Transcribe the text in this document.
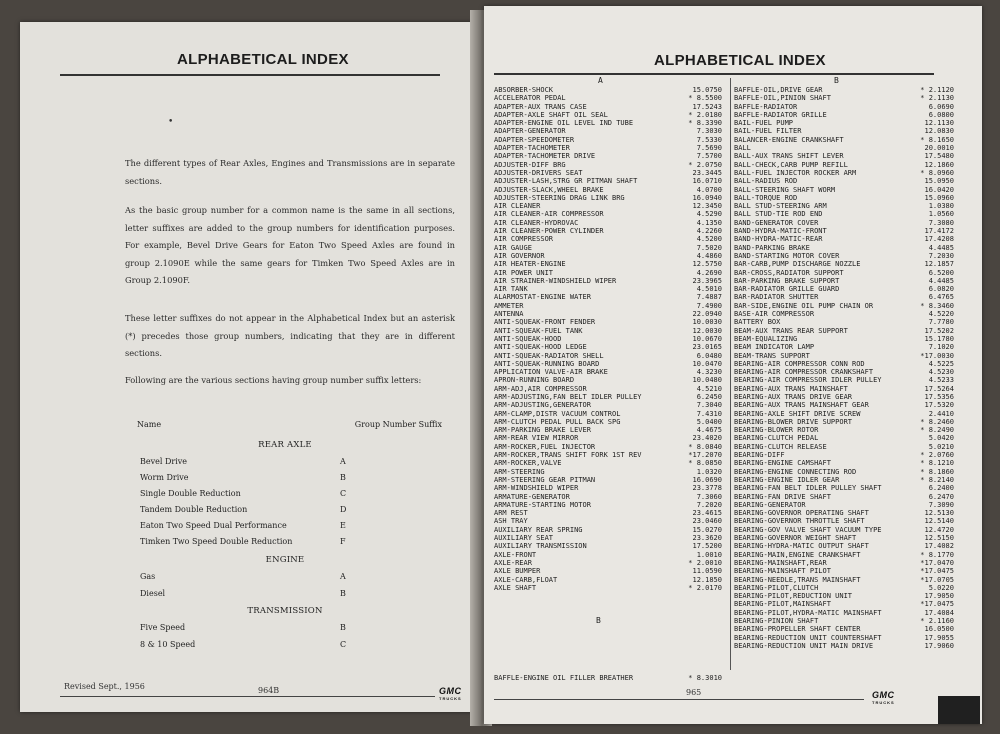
ALPHABETICAL INDEX
•

The different types of Rear Axles, Engines and Transmissions are in separate sections.

As the basic group number for a common name is the same in all sections, letter suffixes are added to the group numbers for identification purposes. For example, Bevel Drive Gears for Eaton Two Speed Axles are found in group 2.1090E while the same gears for Timken Two Speed Axles are in Group 2.1090F.

These letter suffixes do not appear in the Alphabetical Index but an asterisk (*) precedes those group numbers, indicating that they are in different sections.

Following are the various sections having group number suffix letters:

Name	Group Number Suffix
REAR AXLE
Bevel Drive	A
Worm Drive	B
Single Double Reduction	C
Tandem Double Reduction	D
Eaton Two Speed Dual Performance	E
Timken Two Speed Double Reduction	F
ENGINE
Gas	A
Diesel	B
TRANSMISSION
Five Speed	B
8 & 10 Speed	C
Revised Sept., 1956	964B	GMC
TRUCKS
ALPHABETICAL INDEX
A	B
ABSORBER-SHOCK	15.0750
ACCELERATOR PEDAL	* 8.5500
ADAPTER-AUX TRANS CASE	17.5243
ADAPTER-AXLE SHAFT OIL SEAL	* 2.0180
ADAPTER-ENGINE OIL LEVEL IND TUBE	* 8.3390
ADAPTER-GENERATOR	7.3030
ADAPTER-SPEEDOMETER	7.5330
ADAPTER-TACHOMETER	7.5690
ADAPTER-TACHOMETER DRIVE	7.5700
ADJUSTER-DIFF BRG	* 2.0750
ADJUSTER-DRIVERS SEAT	23.3445
ADJUSTER-LASH,STRG GR PITMAN SHAFT	16.0710
ADJUSTER-SLACK,WHEEL BRAKE	4.0700
ADJUSTER-STEERING DRAG LINK BRG	16.0940
AIR CLEANER	12.3450
AIR CLEANER-AIR COMPRESSOR	4.5290
AIR CLEANER-HYDROVAC	4.1350
AIR CLEANER-POWER CYLINDER	4.2260
AIR COMPRESSOR	4.5200
AIR GAUGE	7.5020
AIR GOVERNOR	4.4860
AIR HEATER-ENGINE	12.5750
AIR POWER UNIT	4.2690
AIR STRAINER-WINDSHIELD WIPER	23.3965
AIR TANK	4.5010
ALARMOSTAT-ENGINE WATER	7.4887
AMMETER	7.4900
ANTENNA	22.0940
ANTI-SQUEAK-FRONT FENDER	10.0030
ANTI-SQUEAK-FUEL TANK	12.0030
ANTI-SQUEAK-HOOD	10.0670
ANTI-SQUEAK-HOOD LEDGE	23.0165
ANTI-SQUEAK-RADIATOR SHELL	6.0480
ANTI-SQUEAK-RUNNING BOARD	10.0470
APPLICATION VALVE-AIR BRAKE	4.3230
APRON-RUNNING BOARD	10.0480
ARM-ADJ,AIR COMPRESSOR	4.5210
ARM-ADJUSTING,FAN BELT IDLER PULLEY	6.2450
ARM-ADJUSTING,GENERATOR	7.3040
ARM-CLAMP,DISTR VACUUM CONTROL	7.4310
ARM-CLUTCH PEDAL PULL BACK SPG	5.0400
ARM-PARKING BRAKE LEVER	4.4675
ARM-REAR VIEW MIRROR	23.4020
ARM-ROCKER,FUEL INJECTOR	* 8.0840
ARM-ROCKER,TRANS SHIFT FORK 1ST REV	*17.2070
ARM-ROCKER,VALVE	* 8.0850
ARM-STEERING	1.0320
ARM-STEERING GEAR PITMAN	16.0690
ARM-WINDSHIELD WIPER	23.3778
ARMATURE-GENERATOR	7.3060
ARMATURE-STARTING MOTOR	7.2020
ARM REST	23.4615
ASH TRAY	23.0460
AUXILIARY REAR SPRING	15.0270
AUXILIARY SEAT	23.3620
AUXILIARY TRANSMISSION	17.5200
AXLE-FRONT	1.0010
AXLE-REAR	* 2.0010
AXLE BUMPER	11.0590
AXLE-CARB,FLOAT	12.1850
AXLE SHAFT	* 2.0170
B
BAFFLE-ENGINE OIL FILLER BREATHER	* 8.3010
BAFFLE-OIL,DRIVE GEAR	* 2.1120
BAFFLE-OIL,PINION SHAFT	* 2.1130
BAFFLE-RADIATOR	6.0690
BAFFLE-RADIATOR GRILLE	6.0800
BAIL-FUEL PUMP	12.1130
BAIL-FUEL FILTER	12.0830
BALANCER-ENGINE CRANKSHAFT	* 8.1650
BALL	20.0010
BALL-AUX TRANS SHIFT LEVER	17.5480
BALL-CHECK,CARB PUMP REFILL	12.1860
BALL-FUEL INJECTOR ROCKER ARM	* 8.0960
BALL-RADIUS ROD	15.0950
BALL-STEERING SHAFT WORM	16.0420
BALL-TORQUE ROD	15.0960
BALL STUD-STEERING ARM	1.0380
BALL STUD-TIE ROD END	1.0560
BAND-GENERATOR COVER	7.3080
BAND-HYDRA-MATIC-FRONT	17.4172
BAND-HYDRA-MATIC-REAR	17.4208
BAND-PARKING BRAKE	4.4485
BAND-STARTING MOTOR COVER	7.2030
BAR-CARB,PUMP DISCHARGE NOZZLE	12.1857
BAR-CROSS,RADIATOR SUPPORT	6.5200
BAR-PARKING BRAKE SUPPORT	4.4485
BAR-RADIATOR GRILLE GUARD	6.0820
BAR-RADIATOR SHUTTER	6.4765
BAR-SIDE,ENGINE OIL PUMP CHAIN OR	* 8.3460
BASE-AIR COMPRESSOR	4.5220
BATTERY BOX	7.7780
BEAM-AUX TRANS REAR SUPPORT	17.5202
BEAM-EQUALIZING	15.1780
BEAM INDICATOR LAMP	7.1020
BEAM-TRANS SUPPORT	*17.0030
BEARING-AIR COMPRESSOR CONN ROD	4.5225
BEARING-AIR COMPRESSOR CRANKSHAFT	4.5230
BEARING-AIR COMPRESSOR IDLER PULLEY	4.5233
BEARING-AUX TRANS MAINSHAFT	17.5264
BEARING-AUX TRANS DRIVE GEAR	17.5356
BEARING-AUX TRANS MAINSHAFT GEAR	17.5320
BEARING-AXLE SHIFT DRIVE SCREW	2.4410
BEARING-BLOWER DRIVE SUPPORT	* 8.2460
BEARING-BLOWER ROTOR	* 8.2490
BEARING-CLUTCH PEDAL	5.0420
BEARING-CLUTCH RELEASE	5.0210
BEARING-DIFF	* 2.0760
BEARING-ENGINE CAMSHAFT	* 8.1210
BEARING-ENGINE CONNECTING ROD	* 8.1860
BEARING-ENGINE IDLER GEAR	* 8.2140
BEARING-FAN BELT IDLER PULLEY SHAFT	6.2400
BEARING-FAN DRIVE SHAFT	6.2470
BEARING-GENERATOR	7.3090
BEARING-GOVERNOR OPERATING SHAFT	12.5130
BEARING-GOVERNOR THROTTLE SHAFT	12.5140
BEARING-GOV VALVE SHAFT VACUUM TYPE	12.4720
BEARING-GOVERNOR WEIGHT SHAFT	12.5150
BEARING-HYDRA-MATIC OUTPUT SHAFT	17.4082
BEARING-MAIN,ENGINE CRANKSHAFT	* 8.1770
BEARING-MAINSHAFT,REAR	*17.0470
BEARING-MAINSHAFT PILOT	*17.0475
BEARING-NEEDLE,TRANS MAINSHAFT	*17.0705
BEARING-PILOT,CLUTCH	5.0220
BEARING-PILOT,REDUCTION UNIT	17.9050
BEARING-PILOT,MAINSHAFT	*17.0475
BEARING-PILOT,HYDRA-MATIC MAINSHAFT	17.4084
BEARING-PINION SHAFT	* 2.1160
BEARING-PROPELLER SHAFT CENTER	16.0500
BEARING-REDUCTION UNIT COUNTERSHAFT	17.9055
BEARING-REDUCTION UNIT MAIN DRIVE	17.9060
965	GMC
TRUCKS
